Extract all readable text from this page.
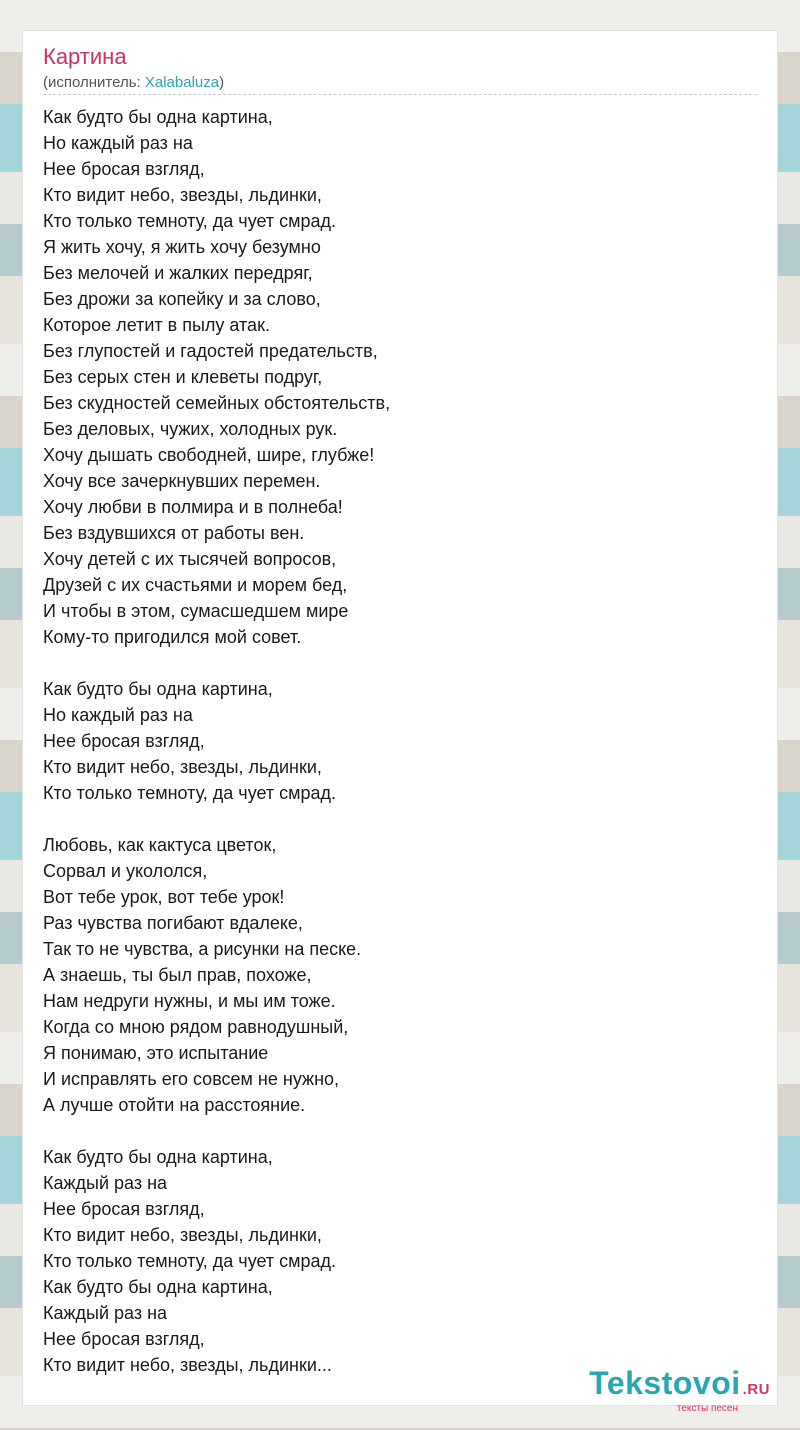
Картина
(исполнитель: Xalabaluza)
Как будто бы одна картина,
Но каждый раз на
Нее бросая взгляд,
Кто видит небо, звезды, льдинки,
Кто только темноту, да чует смрад.
Я жить хочу, я жить хочу безумно
Без мелочей и жалких передряг,
Без дрожи за копейку и за слово,
Которое летит в пылу атак.
Без глупостей и гадостей предательств,
Без серых стен и клеветы подруг,
Без скудностей семейных обстоятельств,
Без деловых, чужих, холодных рук.
Хочу дышать свободней, шире, глубже!
Хочу все зачеркнувших перемен.
Хочу любви в полмира и в полнеба!
Без вздувшихся от работы вен.
Хочу детей с их тысячей вопросов,
Друзей с их счастьями и морем бед,
И чтобы в этом, сумасшедшем мире
Кому-то пригодился мой совет.
Как будто бы одна картина,
Но каждый раз на
Нее бросая взгляд,
Кто видит небо, звезды, льдинки,
Кто только темноту, да чует смрад.
Любовь, как кактуса цветок,
Сорвал и укололся,
Вот тебе урок, вот тебе урок!
Раз чувства погибают вдалеке,
Так то не чувства, а рисунки на песке.
А знаешь, ты был прав, похоже,
Нам недруги нужны, и мы им тоже.
Когда со мною рядом равнодушный,
Я понимаю, это испытание
И исправлять его совсем не нужно,
А лучше отойти на расстояние.
Как будто бы одна картина,
Каждый раз на
Нее бросая взгляд,
Кто видит небо, звезды, льдинки,
Кто только темноту, да чует смрад.
Как будто бы одна картина,
Каждый раз на
Нее бросая взгляд,
Кто видит небо, звезды, льдинки...	Tekstovoi .RU
тексты песен
